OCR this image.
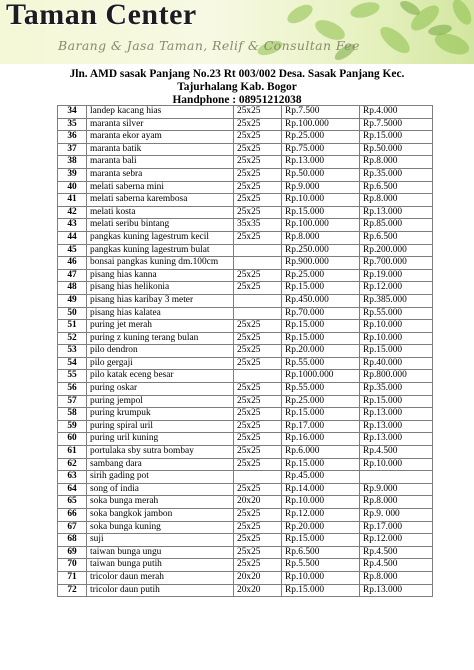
Taman Center
Barang & Jasa Taman, Relif & Consultan Fee
Jln. AMD sasak Panjang No.23 Rt 003/002 Desa. Sasak Panjang Kec.
Tajurhalang Kab. Bogor
Handphone : 08951212038
34	landep kacang hias	25x25	Rp.7.500	Rp.4.000
35	maranta silver	25x25	Rp.100.000	Rp.7.5000
36	maranta ekor ayam	25x25	Rp.25.000	Rp.15.000
37	maranta batik	25x25	Rp.75.000	Rp.50.000
38	maranta bali	25x25	Rp.13.000	Rp.8.000
39	maranta sebra	25x25	Rp.50.000	Rp.35.000
40	melati saberna mini	25x25	Rp.9.000	Rp.6.500
41	melati saberna karembosa	25x25	Rp.10.000	Rp.8.000
42	melati kosta	25x25	Rp.15.000	Rp.13.000
43	melati seribu bintang	35x35	Rp.100.000	Rp.85.000
44	pangkas kuning lagestrum kecil	25x25	Rp.8.000	Rp.6.500
45	pangkas kuning lagestrum bulat		Rp.250.000	Rp.200.000
46	bonsai pangkas kuning dm.100cm		Rp.900.000	Rp.700.000
47	pisang hias kanna	25x25	Rp.25.000	Rp.19.000
48	pisang hias helikonia	25x25	Rp.15.000	Rp.12.000
49	pisang hias karibay 3 meter		Rp.450.000	Rp.385.000
50	pisang hias kalatea		Rp.70.000	Rp.55.000
51	puring jet merah	25x25	Rp.15.000	Rp.10.000
52	puring z kuning terang bulan	25x25	Rp.15.000	Rp.10.000
53	pilo dendron	25x25	Rp.20.000	Rp.15.000
54	pilo gergaji	25x25	Rp.55.000	Rp.40.000
55	pilo katak eceng besar		Rp.1000.000	Rp.800.000
56	puring oskar	25x25	Rp.55.000	Rp.35.000
57	puring jempol	25x25	Rp.25.000	Rp.15.000
58	puring krumpuk	25x25	Rp.15.000	Rp.13.000
59	puring spiral uril	25x25	Rp.17.000	Rp.13.000
60	puring uril kuning	25x25	Rp.16.000	Rp.13.000
61	portulaka sby sutra bombay	25x25	Rp.6.000	Rp.4.500
62	sambang dara	25x25	Rp.15.000	Rp.10.000
63	sirih gading pot		Rp.45.000	
64	song of india	25x25	Rp.14.000	Rp.9.000
65	soka bunga merah	20x20	Rp.10.000	Rp.8.000
66	soka bangkok jambon	25x25	Rp.12.000	Rp.9. 000
67	soka bunga kuning	25x25	Rp.20.000	Rp.17.000
68	suji	25x25	Rp.15.000	Rp.12.000
69	taiwan bunga ungu	25x25	Rp.6.500	Rp.4.500
70	taiwan bunga putih	25x25	Rp.5.500	Rp.4.500
71	tricolor daun merah	20x20	Rp.10.000	Rp.8.000
72	tricolor daun putih	20x20	Rp.15.000	Rp.13.000
